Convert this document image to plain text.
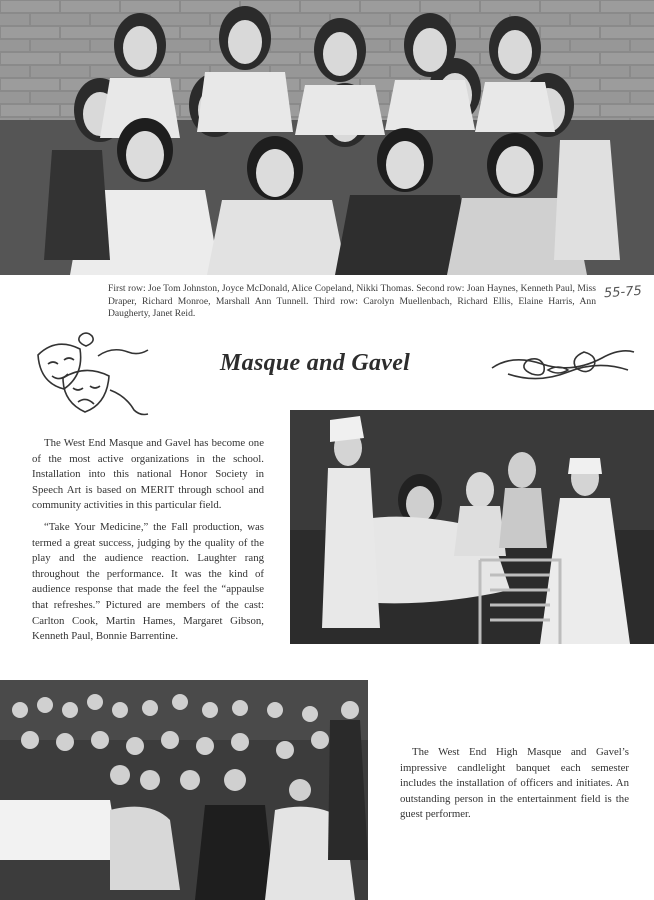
First row: Joe Tom Johnston, Joyce McDonald, Alice Copeland, Nikki Thomas. Second row: Joan Haynes, Kenneth Paul, Miss Draper, Richard Monroe, Marshall Ann Tunnell. Third row: Carolyn Muellenbach, Richard Ellis, Elaine Harris, Ann Daugherty, Janet Reid.
55-75
Masque and Gavel

The West End Masque and Gavel has become one of the most active organizations in the school. Installation into this national Honor Society in Speech Art is based on MERIT through school and community activities in this particular field.

“Take Your Medicine,” the Fall production, was termed a great success, judging by the quality of the play and the audience reaction. Laughter rang throughout the performance. It was the kind of audience response that made the feel the “appaulse that refreshes.” Pictured are members of the cast: Carlton Cook, Martin Hames, Margaret Gibson, Kenneth Paul, Bonnie Barrentine.

The West End High Masque and Gavel’s impressive candlelight banquet each semester includes the installation of officers and initiates. An outstanding person in the entertainment field is the guest performer.
